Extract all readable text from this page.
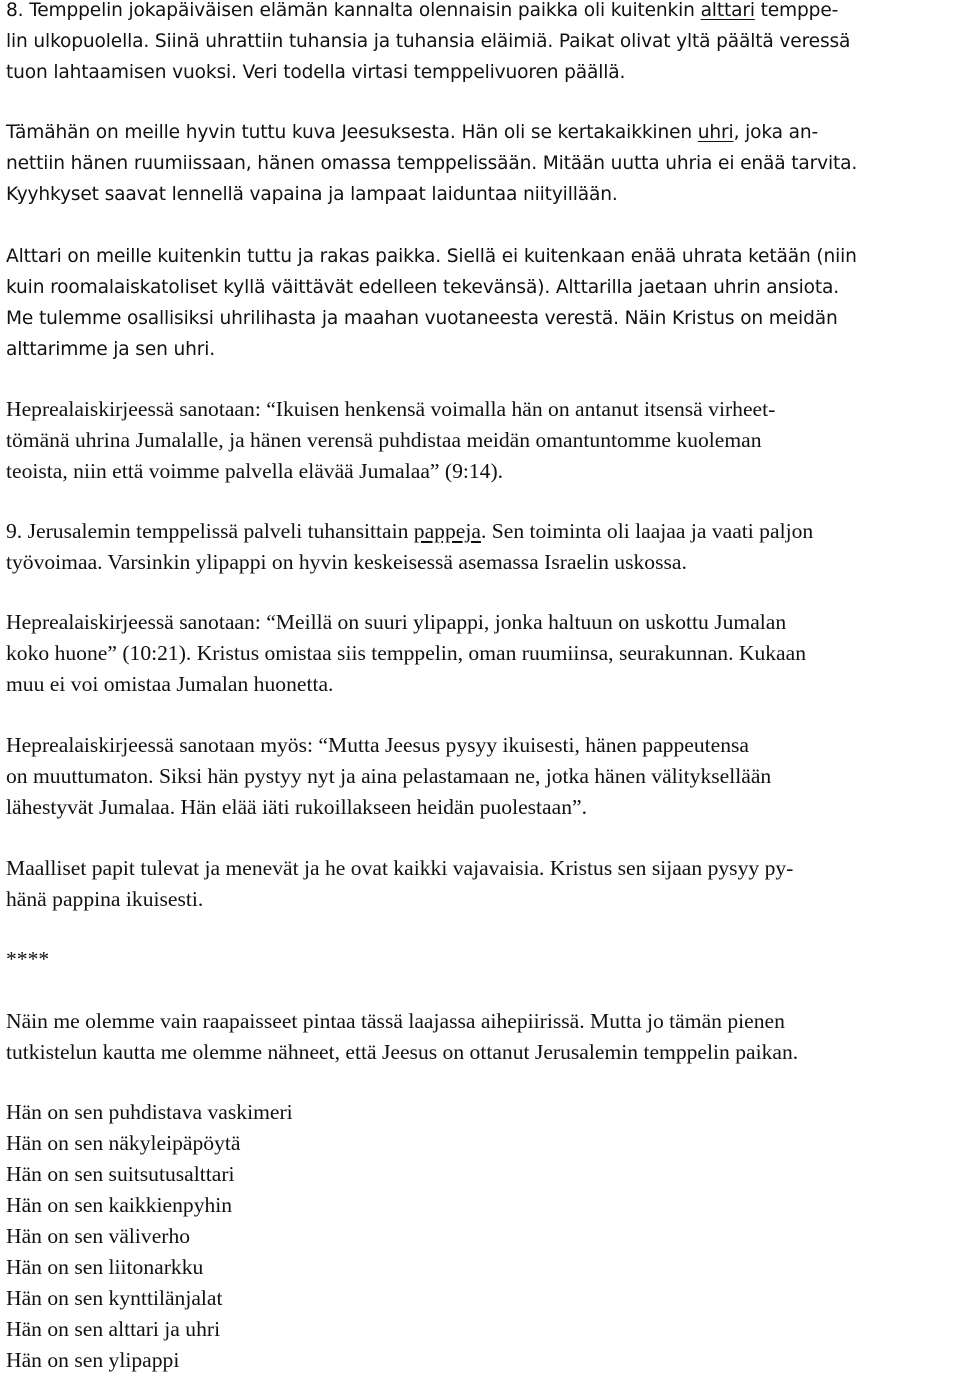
8. Temppelin jokapäiväisen elämän kannalta olennaisin paikka oli kuitenkin alttari temppe-
lin ulkopuolella. Siinä uhrattiin tuhansia ja tuhansia eläimiä. Paikat olivat yltä päältä veressä
tuon lahtaamisen vuoksi. Veri todella virtasi temppelivuoren päällä.
Tämähän on meille hyvin tuttu kuva Jeesuksesta. Hän oli se kertakaikkinen uhri, joka an-
nettiin hänen ruumiissaan, hänen omassa temppelissään. Mitään uutta uhria ei enää tarvita.
Kyyhkyset saavat lennellä vapaina ja lampaat laiduntaa niityillään.
Alttari on meille kuitenkin tuttu ja rakas paikka. Siellä ei kuitenkaan enää uhrata ketään (niin
kuin roomalaiskatoliset kyllä väittävät edelleen tekevänsä). Alttarilla jaetaan uhrin ansiota.
Me tulemme osallisiksi uhrilihasta ja maahan vuotaneesta verestä. Näin Kristus on meidän
alttarimme ja sen uhri.
Heprealaiskirjeessä sanotaan: “Ikuisen henkensä voimalla hän on antanut itsensä virheet-
tömänä uhrina Jumalalle, ja hänen verensä puhdistaa meidän omantuntomme kuoleman
teoista, niin että voimme palvella elävää Jumalaa” (9:14).
9. Jerusalemin temppelissä palveli tuhansittain pappeja. Sen toiminta oli laajaa ja vaati paljon
työvoimaa. Varsinkin ylipappi on hyvin keskeisessä asemassa Israelin uskossa.
Heprealaiskirjeessä sanotaan: “Meillä on suuri ylipappi, jonka haltuun on uskottu Jumalan
koko huone” (10:21). Kristus omistaa siis temppelin, oman ruumiinsa, seurakunnan. Kukaan
muu ei voi omistaa Jumalan huonetta.
Heprealaiskirjeessä sanotaan myös: “Mutta Jeesus pysyy ikuisesti, hänen pappeutensa
on muuttumaton. Siksi hän pystyy nyt ja aina pelastamaan ne, jotka hänen välityksellään
lähestyvät Jumalaa. Hän elää iäti rukoillakseen heidän puolestaan”.
Maalliset papit tulevat ja menevät ja he ovat kaikki vajavaisia. Kristus sen sijaan pysyy py-
hänä pappina ikuisesti.
****
Näin me olemme vain raapaisseet pintaa tässä laajassa aihepiirissä. Mutta jo tämän pienen
tutkistelun kautta me olemme nähneet, että Jeesus on ottanut Jerusalemin temppelin paikan.
Hän on sen puhdistava vaskimeri
Hän on sen näkyleipäpöytä
Hän on sen suitsutusalttari
Hän on sen kaikkienpyhin
Hän on sen väliverho
Hän on sen liitonarkku
Hän on sen kynttilänjalat
Hän on sen alttari ja uhri
Hän on sen ylipappi
